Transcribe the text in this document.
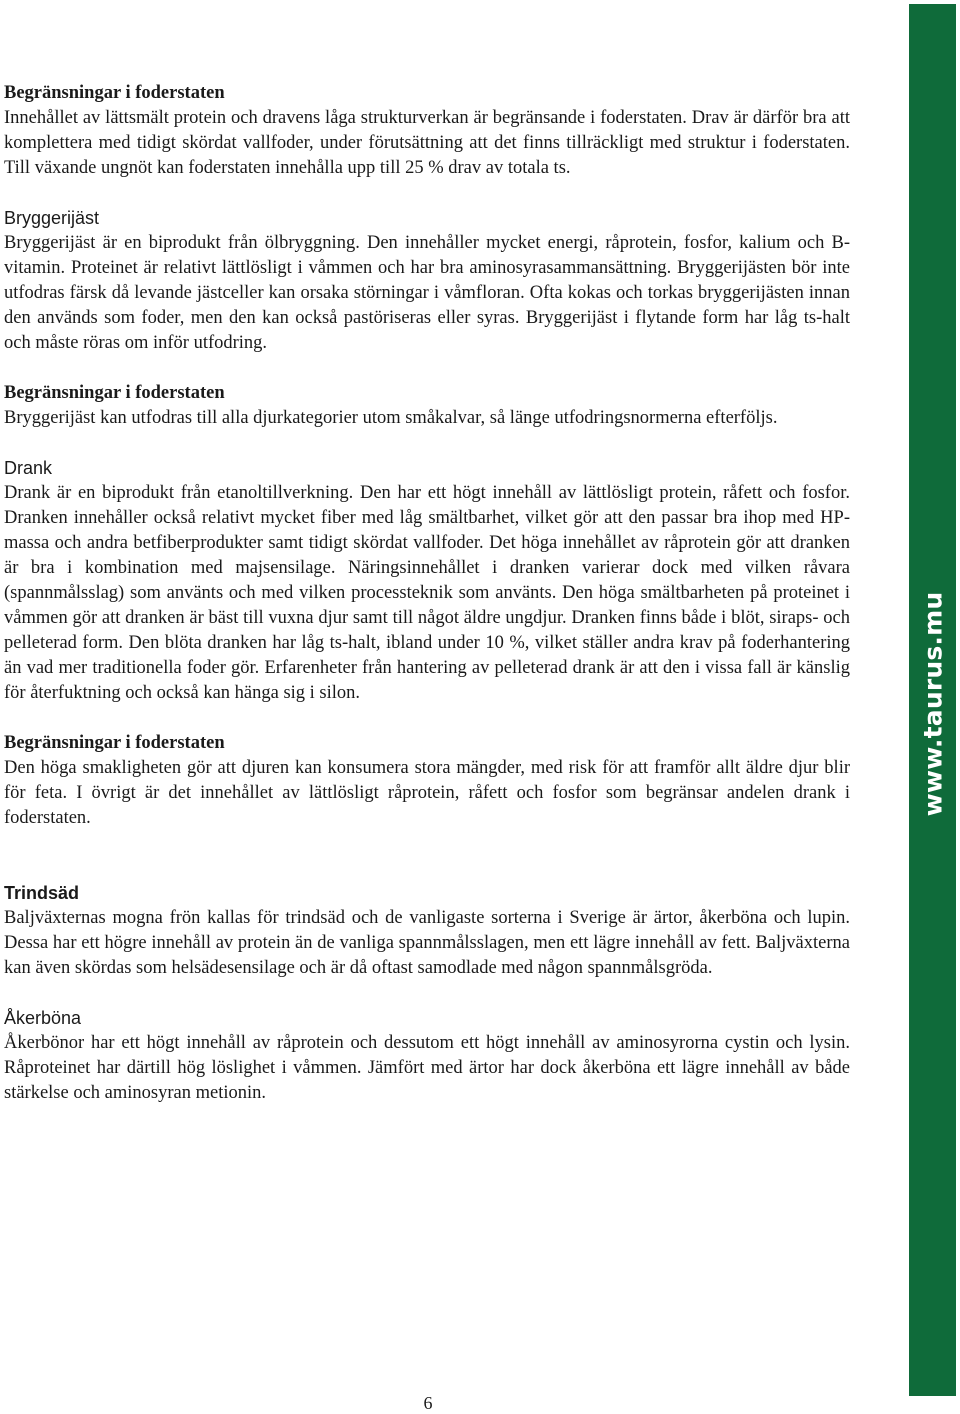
Begränsningar i foderstaten
Innehållet av lättsmält protein och dravens låga strukturverkan är begränsande i foderstaten. Drav är därför bra att komplettera med tidigt skördat vallfoder, under förutsättning att det finns tillräckligt med struktur i foderstaten. Till växande ungnöt kan foderstaten innehålla upp till 25 % drav av totala ts.
Bryggerijäst
Bryggerijäst är en biprodukt från ölbryggning. Den innehåller mycket energi, råprotein, fosfor, kalium och B-vitamin. Proteinet är relativt lättlösligt i våmmen och har bra aminosyrasammansättning. Bryggerijästen bör inte utfodras färsk då levande jästceller kan orsaka störningar i våmfloran. Ofta kokas och torkas bryggerijästen innan den används som foder, men den kan också pastöriseras eller syras. Bryggerijäst i flytande form har låg ts-halt och måste röras om inför utfodring.
Begränsningar i foderstaten
Bryggerijäst kan utfodras till alla djurkategorier utom småkalvar, så länge utfodringsnormerna efterföljs.
Drank
Drank är en biprodukt från etanoltillverkning. Den har ett högt innehåll av lättlösligt protein, råfett och fosfor. Dranken innehåller också relativt mycket fiber med låg smältbarhet, vilket gör att den passar bra ihop med HP-massa och andra betfiberprodukter samt tidigt skördat vallfoder. Det höga innehållet av råprotein gör att dranken är bra i kombination med majsensilage. Näringsinnehållet i dranken varierar dock med vilken råvara (spannmålsslag) som använts och med vilken processteknik som använts. Den höga smältbarheten på proteinet i våmmen gör att dranken är bäst till vuxna djur samt till något äldre ungdjur. Dranken finns både i blöt, siraps- och pelleterad form. Den blöta dranken har låg ts-halt, ibland under 10 %, vilket ställer andra krav på foderhantering än vad mer traditionella foder gör. Erfarenheter från hantering av pelleterad drank är att den i vissa fall är känslig för återfuktning och också kan hänga sig i silon.
Begränsningar i foderstaten
Den höga smakligheten gör att djuren kan konsumera stora mängder, med risk för att framför allt äldre djur blir för feta. I övrigt är det innehållet av lättlösligt råprotein, råfett och fosfor som begränsar andelen drank i foderstaten.
Trindsäd
Baljväxternas mogna frön kallas för trindsäd och de vanligaste sorterna i Sverige är ärtor, åkerböna och lupin. Dessa har ett högre innehåll av protein än de vanliga spannmålsslagen, men ett lägre innehåll av fett. Baljväxterna kan även skördas som helsädesensilage och är då oftast samodlade med någon spannmålsgröda.
Åkerböna
Åkerbönor har ett högt innehåll av råprotein och dessutom ett högt innehåll av aminosyrorna cystin och lysin. Råproteinet har därtill hög löslighet i våmmen. Jämfört med ärtor har dock åkerböna ett lägre innehåll av både stärkelse och aminosyran metionin.
www.taurus.mu
6
